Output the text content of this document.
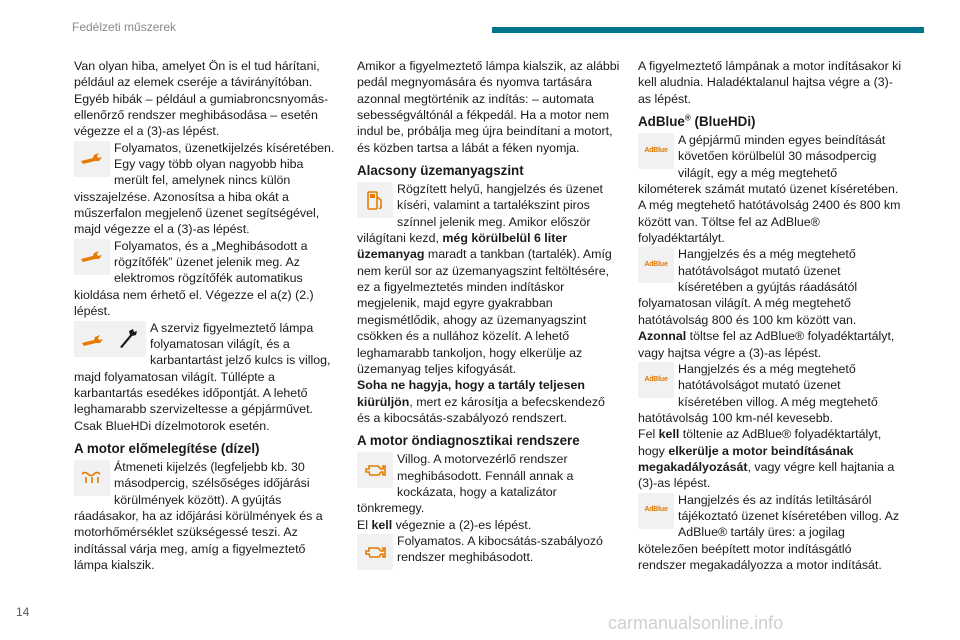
Fedélzeti műszerek

Van olyan hiba, amelyet Ön is el tud hárítani, például az elemek cseréje a távirányítóban. Egyéb hibák – például a gumiabroncsnyomás-ellenőrző rendszer meghibásodása – esetén végezze el a (3)-as lépést.

Folyamatos, üzenetkijelzés kíséretében. Egy vagy több olyan nagyobb hiba merült fel, amelynek nincs külön visszajelzése. Azonosítsa a hiba okát a műszerfalon megjelenő üzenet segítségével, majd végezze el a (3)-as lépést.

Folyamatos, és a „Meghibásodott a rögzítőfék” üzenet jelenik meg. Az elektromos rögzítőfék automatikus kioldása nem érhető el. Végezze el a(z) (2.) lépést.

A szerviz figyelmeztető lámpa folyamatosan világít, és a karbantartást jelző kulcs is villog, majd folyamatosan világít. Túllépte a karbantartás esedékes időpontját. A lehető leghamarabb szervizeltesse a gépjárművet. Csak BlueHDi dízelmotorok esetén.

A motor előmelegítése (dízel)

Átmeneti kijelzés (legfeljebb kb. 30 másodpercig, szélsőséges időjárási körülmények között). A gyújtás ráadásakor, ha az időjárási körülmények és a motorhőmérséklet szükségessé teszi. Az indítással várja meg, amíg a figyelmeztető lámpa kialszik.

Amikor a figyelmeztető lámpa kialszik, az alábbi pedál megnyomására és nyomva tartására azonnal megtörténik az indítás: – automata sebességváltónál a fékpedál. Ha a motor nem indul be, próbálja meg újra beindítani a motort, és közben tartsa a lábát a féken nyomja.

Alacsony üzemanyagszint

Rögzített helyű, hangjelzés és üzenet kíséri, valamint a tartalékszint piros színnel jelenik meg. Amikor először világítani kezd, még körülbelül 6 liter üzemanyag maradt a tankban (tartalék). Amíg nem kerül sor az üzemanyagszint feltöltésére, ez a figyelmeztetés minden indításkor megjelenik, majd egyre gyakrabban megismétlődik, ahogy az üzemanyagszint csökken és a nullához közelít. A lehető leghamarabb tankoljon, hogy elkerülje az üzemanyag teljes kifogyását.

Soha ne hagyja, hogy a tartály teljesen kiürüljön, mert ez károsítja a befecskendező és a kibocsátás-szabályozó rendszert.

A motor öndiagnosztikai rendszere

Villog. A motorvezérlő rendszer meghibásodott. Fennáll annak a kockázata, hogy a katalizátor tönkremegy.

El kell végeznie a (2)-es lépést.

Folyamatos. A kibocsátás-szabályozó rendszer meghibásodott.

A figyelmeztető lámpának a motor indításakor ki kell aludnia. Haladéktalanul hajtsa végre a (3)-as lépést.

AdBlue® (BlueHDi)
AdBlue

A gépjármű minden egyes beindítását követően körülbelül 30 másodpercig világít, egy a még megtehető kilométerek számát mutató üzenet kíséretében. A még megtehető hatótávolság 2400 és 800 km között van. Töltse fel az AdBlue® folyadéktartályt.

AdBlue

Hangjelzés és a még megtehető hatótávolságot mutató üzenet kíséretében a gyújtás ráadásától folyamatosan világít. A még megtehető hatótávolság 800 és 100 km között van.

Azonnal töltse fel az AdBlue® folyadéktartályt, vagy hajtsa végre a (3)-as lépést.

AdBlue

Hangjelzés és a még megtehető hatótávolságot mutató üzenet kíséretében villog. A még megtehető hatótávolság 100 km-nél kevesebb.

Fel kell töltenie az AdBlue® folyadéktartályt, hogy elkerülje a motor beindításának megakadályozását, vagy végre kell hajtania a (3)-as lépést.

AdBlue

Hangjelzés és az indítás letiltásáról tájékoztató üzenet kíséretében villog. Az AdBlue® tartály üres: a jogilag kötelezően beépített motor indításgátló rendszer megakadályozza a motor indítását.

14
carmanualsonline.info
